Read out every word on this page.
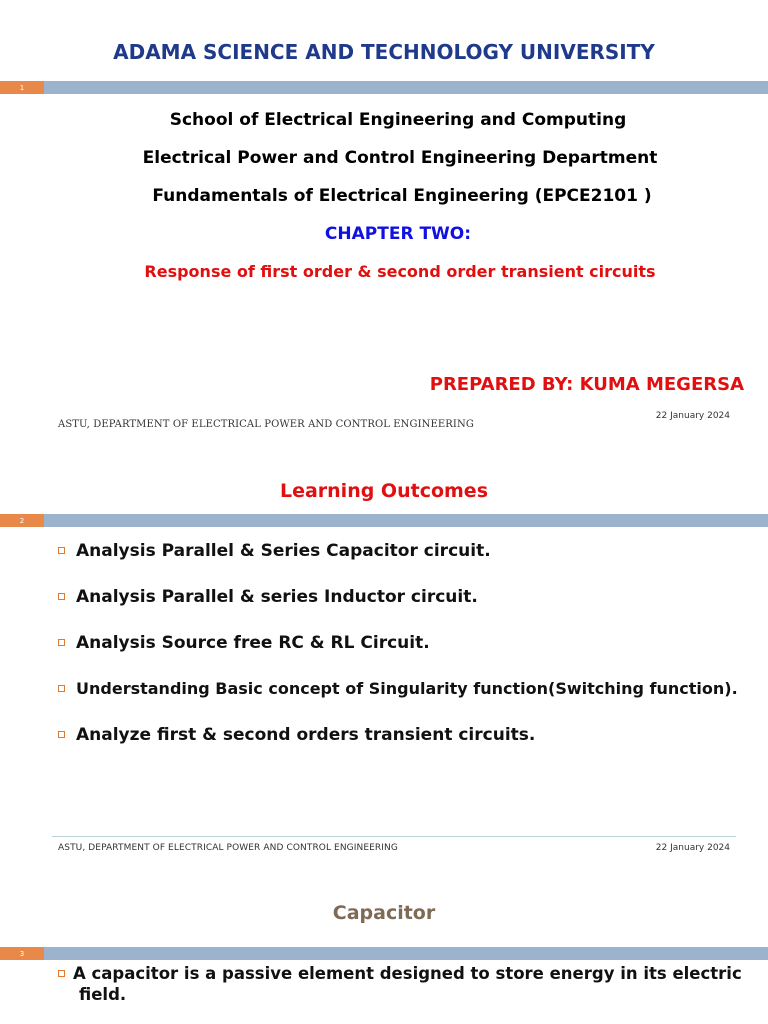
ADAMA SCIENCE AND TECHNOLOGY UNIVERSITY
1
School of Electrical Engineering and Computing
Electrical Power and Control Engineering Department
Fundamentals of Electrical Engineering (EPCE2101 )
CHAPTER TWO:
Response of first order & second order transient circuits
PREPARED BY: KUMA MEGERSA
ASTU, DEPARTMENT OF ELECTRICAL POWER AND CONTROL ENGINEERING
22 January 2024
Learning Outcomes
2
Analysis Parallel & Series Capacitor circuit.
Analysis Parallel & series Inductor circuit.
Analysis Source free RC & RL Circuit.
Understanding Basic concept of Singularity function(Switching function).
Analyze first & second orders transient circuits.
ASTU, DEPARTMENT OF ELECTRICAL POWER AND CONTROL ENGINEERING	22 January 2024
Capacitor
3
A capacitor is a passive element designed to store energy in its electric
field.
